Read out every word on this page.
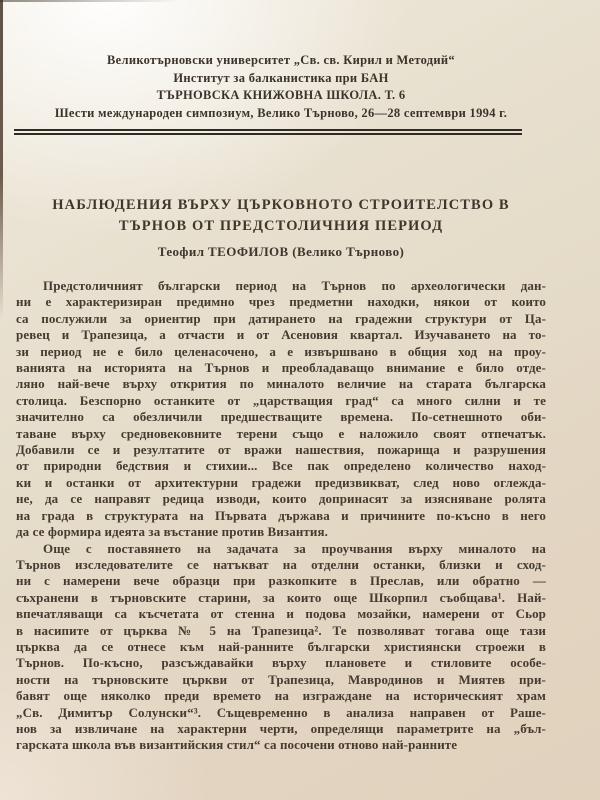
Великотърновски университет „Св. св. Кирил и Методий“
Институт за балканистика при БАН
ТЪРНОВСКА КНИЖОВНА ШКОЛА. Т. 6
Шести международен симпозиум, Велико Търново, 26—28 септември 1994 г.
НАБЛЮДЕНИЯ ВЪРХУ ЦЪРКОВНОТО СТРОИТЕЛСТВО В
ТЪРНОВ ОТ ПРЕДСТОЛИЧНИЯ ПЕРИОД
Теофил ТЕОФИЛОВ (Велико Търново)
Предстоличният български период на Търнов по археологически дан-
ни е характеризиран предимно чрез предметни находки, някои от които
са послужили за ориентир при датирането на градежни структури от Ца-
ревец и Трапезица, а отчасти и от Асеновия квартал. Изучаването на то-
зи период не е било целенасочено, а е извършвано в общия ход на проу-
ванията на историята на Търнов и преобладаващо внимание е било отде-
ляно най-вече върху открития по миналото величие на старата българска
столица. Безспорно останките от „царстващия град“ са много силни и те
значително са обезличили предшестващите времена. По-сетнешното оби-
таване върху средновековните терени също е наложило своят отпечатък.
Добавили се и резултатите от вражи нашествия, пожарища и разрушения
от природни бедствия и стихии... Все пак определено количество наход-
ки и останки от архитектурни градежи предизвикват, след ново оглежда-
не, да се направят редица изводи, които допринасят за изясняване ролята
на града в структурата на Първата държава и причините по-късно в него
да се формира идеята за въстание против Византия.
Още с поставянето на задачата за проучвания върху миналото на
Търнов изследователите се натъкват на отделни останки, близки и сход-
ни с намерени вече образци при разкопките в Преслав, или обратно —
съхранени в търновските старини, за които още Шкорпил съобщава¹. Най-
впечатляващи са късчетата от стенна и подова мозайки, намерени от Сьор
в насипите от църква № 5 на Трапезица². Те позволяват тогава още тази
църква да се отнесе към най-ранните български християнски строежи в
Търнов. По-късно, разсъждавайки върху плановете и стиловите особе-
ности на търновските църкви от Трапезица, Мавродинов и Миятев при-
бавят още няколко преди времето на изграждане на историческият храм
„Св. Димитър Солунски“³. Същевременно в анализа направен от Раше-
нов за извличане на характерни черти, определящи параметрите на „бъл-
гарската школа във византийския стил“ са посочени отново най-ранните
